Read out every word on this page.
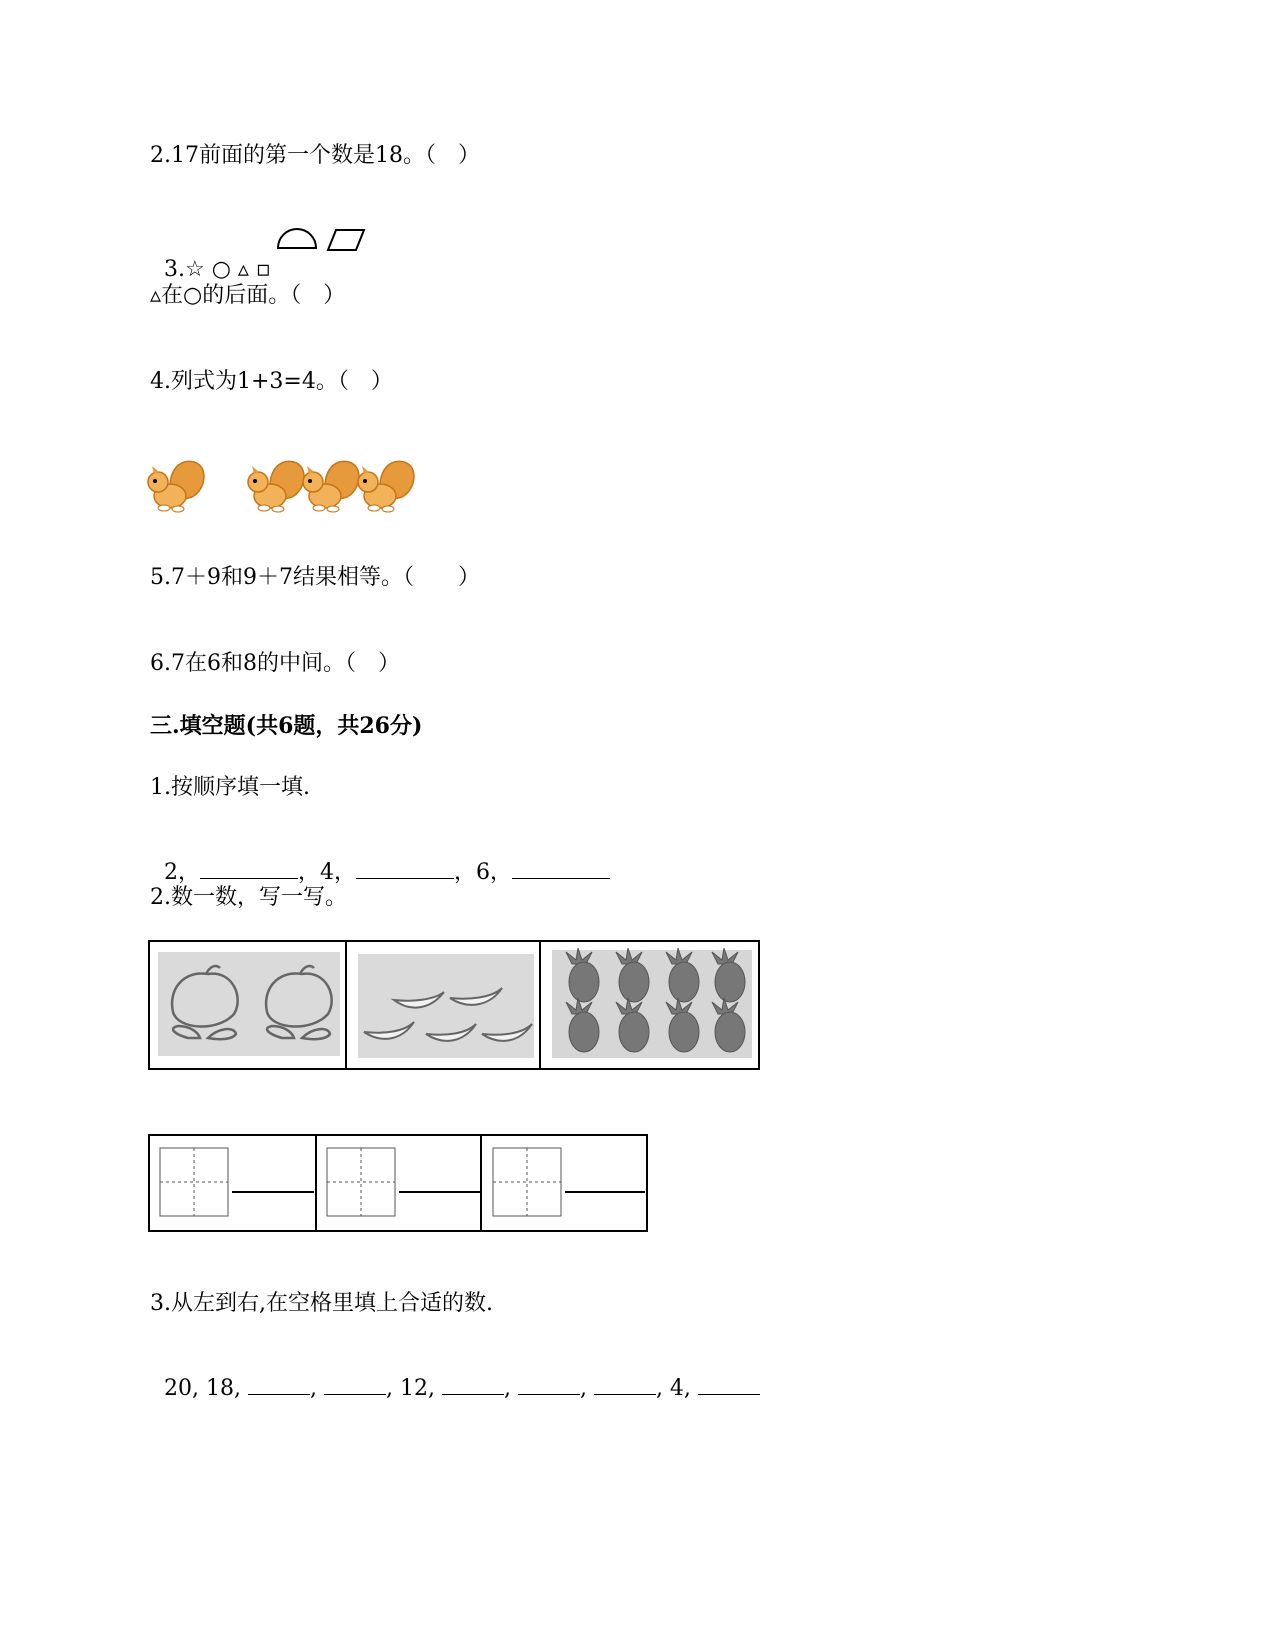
2.17前面的第一个数是18。（　）

3.☆ ○ ▵ ▫

▵在○的后面。（　）
4.列式为1+3=4。（　）
5.7＋9和9＋7结果相等。（　　）
6.7在6和8的中间。（　）
三.填空题(共6题，共26分)
1.按顺序填一填.

2，	，4，	，6，

2.数一数，写一写。
3.从左到右,在空格里填上合适的数.

20, 18,	,	, 12,	,	,	, 4,
